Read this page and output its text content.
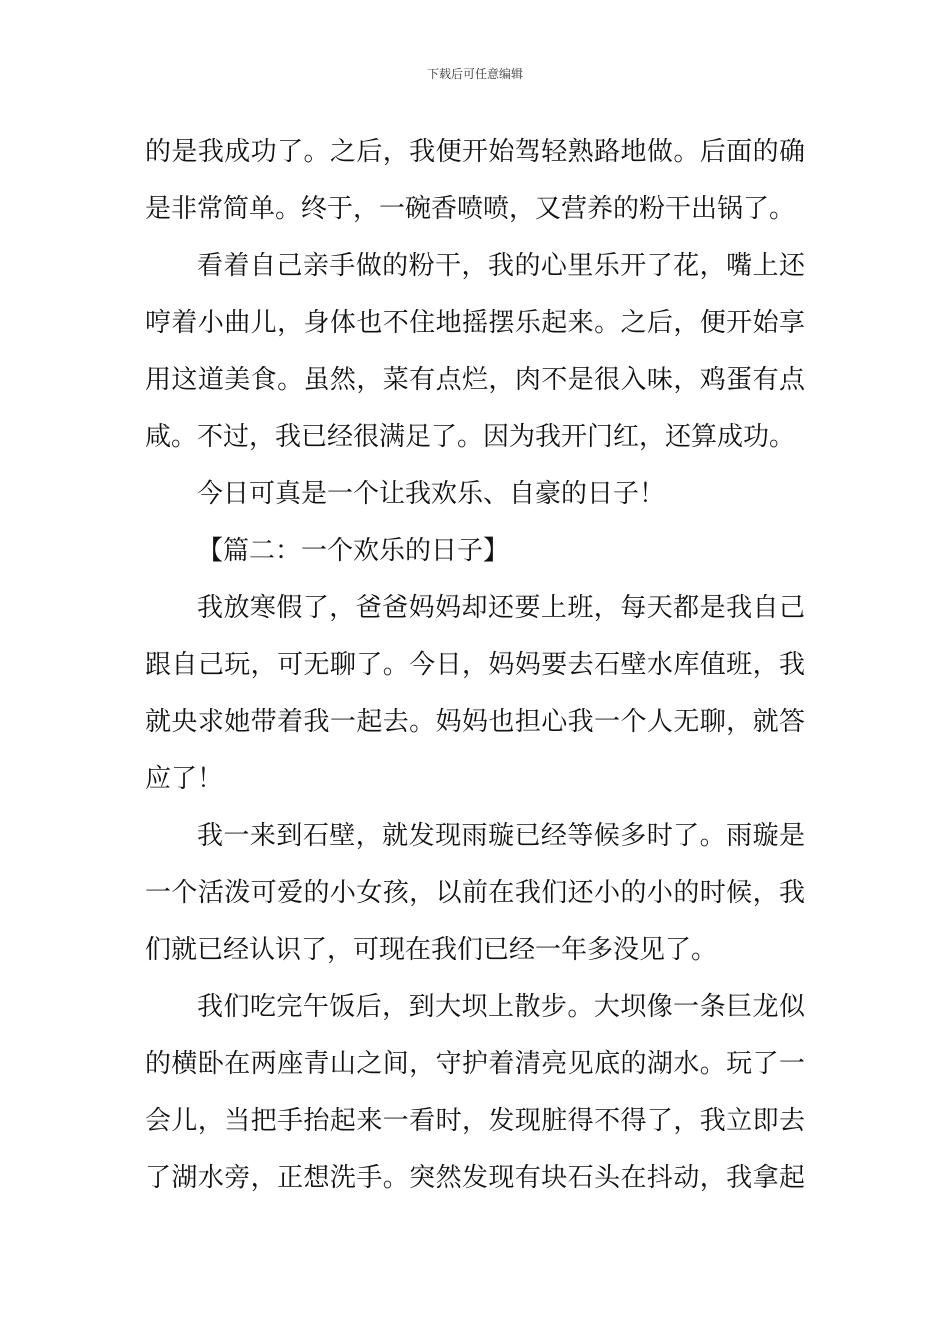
下载后可任意编辑
的是我成功了。之后，我便开始驾轻熟路地做。后面的确
是非常简单。终于，一碗香喷喷，又营养的粉干出锅了。
看着自己亲手做的粉干，我的心里乐开了花，嘴上还
哼着小曲儿，身体也不住地摇摆乐起来。之后，便开始享
用这道美食。虽然，菜有点烂，肉不是很入味，鸡蛋有点
咸。不过，我已经很满足了。因为我开门红，还算成功。
今日可真是一个让我欢乐、自豪的日子！
【篇二：一个欢乐的日子】
我放寒假了，爸爸妈妈却还要上班，每天都是我自己
跟自己玩，可无聊了。今日，妈妈要去石壁水库值班，我
就央求她带着我一起去。妈妈也担心我一个人无聊，就答
应了！
我一来到石壁，就发现雨璇已经等候多时了。雨璇是
一个活泼可爱的小女孩，以前在我们还小的小的时候，我
们就已经认识了，可现在我们已经一年多没见了。
我们吃完午饭后，到大坝上散步。大坝像一条巨龙似
的横卧在两座青山之间，守护着清亮见底的湖水。玩了一
会儿，当把手抬起来一看时，发现脏得不得了，我立即去
了湖水旁，正想洗手。突然发现有块石头在抖动，我拿起
